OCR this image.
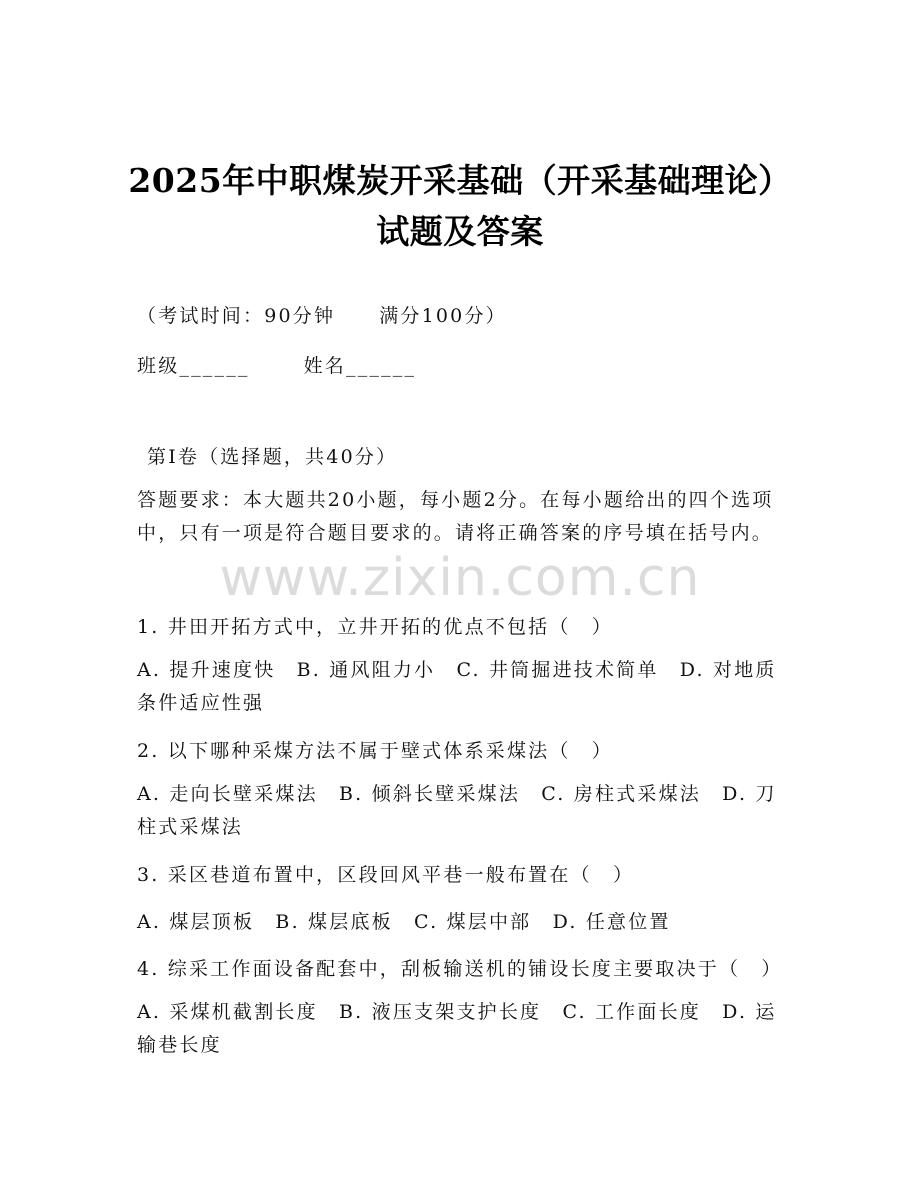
2025年中职煤炭开采基础（开采基础理论）
试题及答案
（考试时间：90分钟 满分100分）
班级______	姓名______
第I卷（选择题，共40分）
答题要求：本大题共20小题，每小题2分。在每小题给出的四个选项中，只有一项是符合题目要求的。请将正确答案的序号填在括号内。
www.zixin.com.cn
1. 井田开拓方式中，立井开拓的优点不包括（　）
A. 提升速度快　B. 通风阻力小　C. 井筒掘进技术简单　D. 对地质条件适应性强
2. 以下哪种采煤方法不属于壁式体系采煤法（　）
A. 走向长壁采煤法　B. 倾斜长壁采煤法　C. 房柱式采煤法　D. 刀柱式采煤法
3. 采区巷道布置中，区段回风平巷一般布置在（　）
A. 煤层顶板　B. 煤层底板　C. 煤层中部　D. 任意位置
4. 综采工作面设备配套中，刮板输送机的铺设长度主要取决于（　）
A. 采煤机截割长度　B. 液压支架支护长度　C. 工作面长度　D. 运输巷长度
